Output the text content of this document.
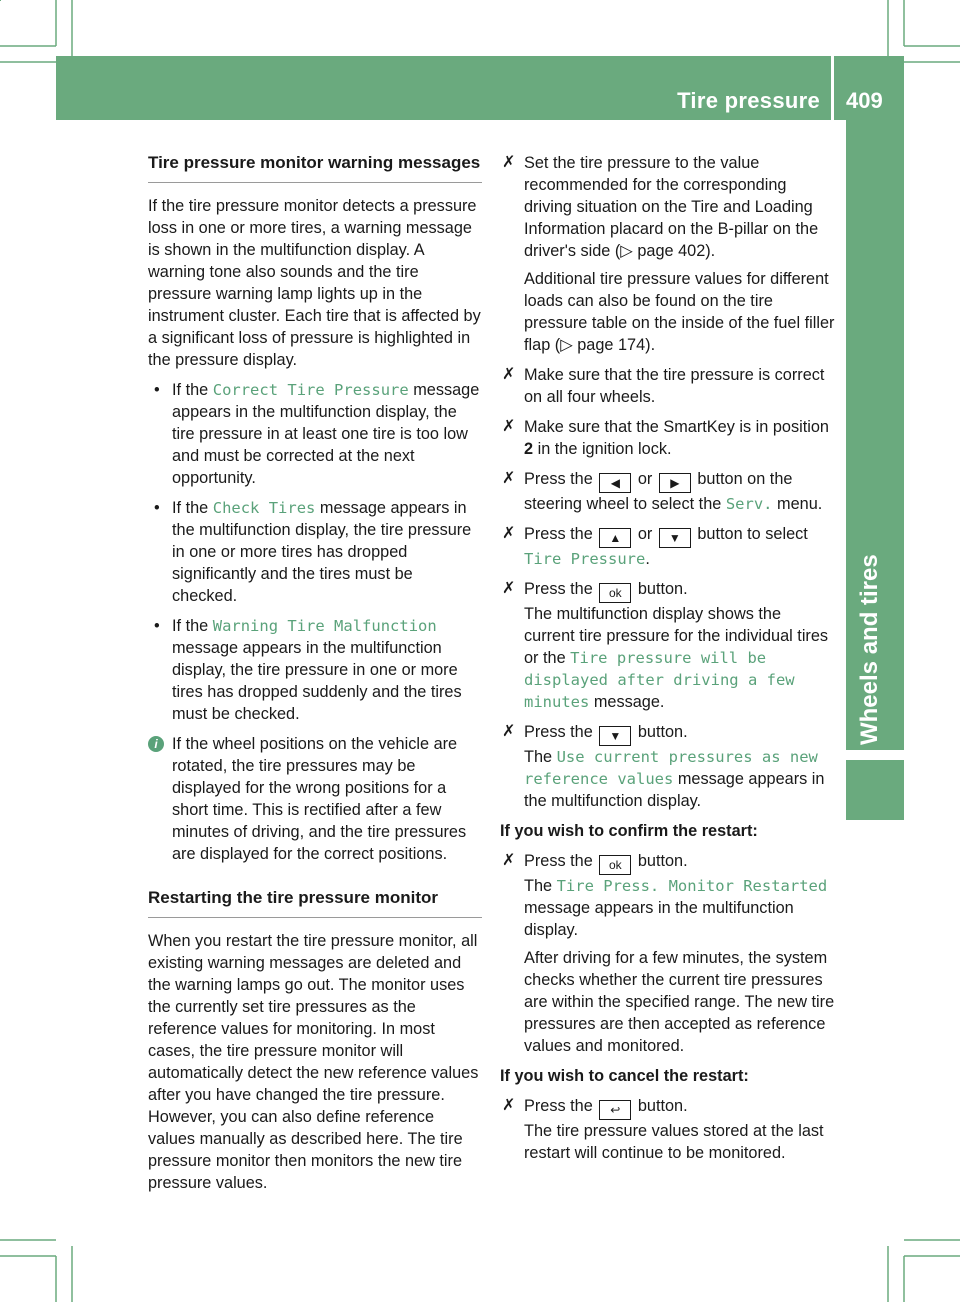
Tire pressure 409
Wheels and tires
Tire pressure monitor warning messages

If the tire pressure monitor detects a pressure loss in one or more tires, a warning message is shown in the multifunction display. A warning tone also sounds and the tire pressure warning lamp lights up in the instrument cluster. Each tire that is affected by a significant loss of pressure is highlighted in the pressure display.

• If the Correct Tire Pressure message appears in the multifunction display, the tire pressure in at least one tire is too low and must be corrected at the next opportunity.
• If the Check Tires message appears in the multifunction display, the tire pressure in one or more tires has dropped significantly and the tires must be checked.
• If the Warning Tire Malfunction message appears in the multifunction display, the tire pressure in one or more tires has dropped suddenly and the tires must be checked.
i If the wheel positions on the vehicle are rotated, the tire pressures may be displayed for the wrong positions for a short time. This is rectified after a few minutes of driving, and the tire pressures are displayed for the correct positions.
Restarting the tire pressure monitor

When you restart the tire pressure monitor, all existing warning messages are deleted and the warning lamps go out. The monitor uses the currently set tire pressures as the reference values for monitoring. In most cases, the tire pressure monitor will automatically detect the new reference values after you have changed the tire pressure. However, you can also define reference values manually as described here. The tire pressure monitor then monitors the new tire pressure values.

✗ Set the tire pressure to the value recommended for the corresponding driving situation on the Tire and Loading Information placard on the B-pillar on the driver's side (▷ page 402).

Additional tire pressure values for different loads can also be found on the tire pressure table on the inside of the fuel filler flap (▷ page 174).

✗ Make sure that the tire pressure is correct on all four wheels.
✗ Make sure that the SmartKey is in position 2 in the ignition lock.
✗ Press the ◀ or ▶ button on the steering wheel to select the Serv. menu.
✗ Press the ▲ or ▼ button to select Tire Pressure.
✗ Press the ok button.

The multifunction display shows the current tire pressure for the individual tires or the Tire pressure will be displayed after driving a few minutes message.

✗ Press the ▼ button.

The Use current pressures as new reference values message appears in the multifunction display.

If you wish to confirm the restart:

✗ Press the ok button.

The Tire Press. Monitor Restarted message appears in the multifunction display.

After driving for a few minutes, the system checks whether the current tire pressures are within the specified range. The new tire pressures are then accepted as reference values and monitored.

If you wish to cancel the restart:

✗ Press the ↩ button.

The tire pressure values stored at the last restart will continue to be monitored.
